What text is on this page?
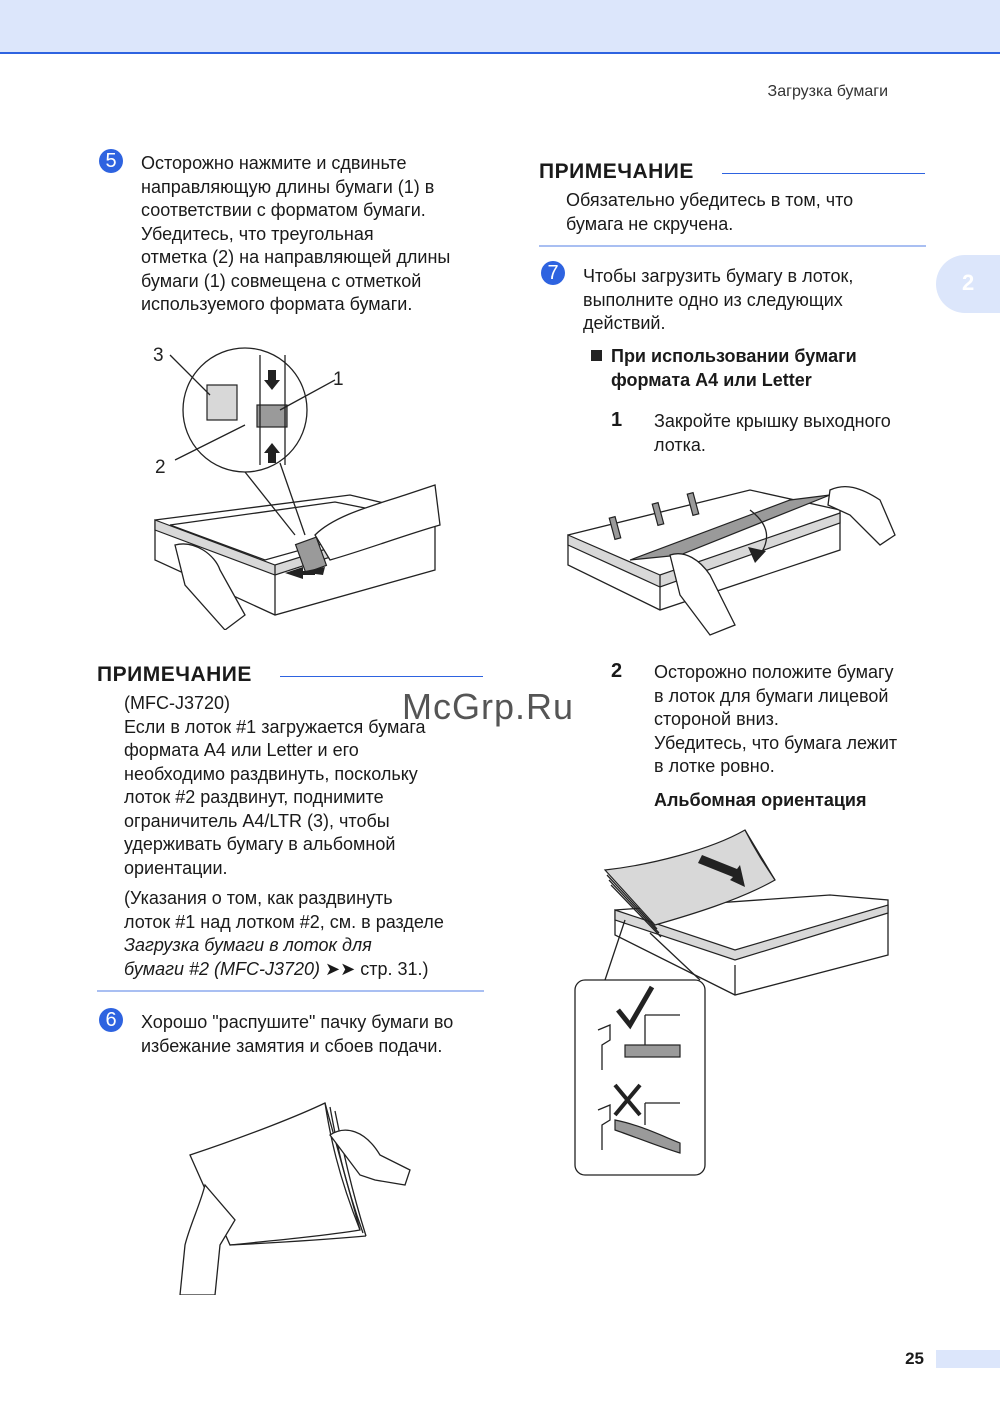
Загрузка бумаги
2
5	Осторожно нажмите и сдвиньте
направляющую длины бумаги (1) в
соответствии с форматом бумаги.
Убедитесь, что треугольная
отметка (2) на направляющей длины
бумаги (1) совмещена с отметкой
используемого формата бумаги.
3
1
2
ПРИМЕЧАНИЕ
(MFC-J3720)
Если в лоток #1 загружается бумага
формата A4 или Letter и его
необходимо раздвинуть, поскольку
лоток #2 раздвинут, поднимите
ограничитель A4/LTR (3), чтобы
удерживать бумагу в альбомной
ориентации.
(Указания о том, как раздвинуть
лоток #1 над лотком #2, см. в разделе
Загрузка бумаги в лоток для
бумаги #2 (MFC-J3720) ➤➤ стр. 31.)
6	Хорошо "распушите" пачку бумаги во
избежание замятия и сбоев подачи.
ПРИМЕЧАНИЕ
Обязательно убедитесь в том, что
бумага не скручена.
7	Чтобы загрузить бумагу в лоток,
выполните одно из следующих
действий.
При использовании бумаги
формата A4 или Letter
1 Закройте крышку выходного
лотка.
2 Осторожно положите бумагу
в лоток для бумаги лицевой
стороной вниз.
Убедитесь, что бумага лежит
в лотке ровно.
Альбомная ориентация
McGrp.Ru
25
